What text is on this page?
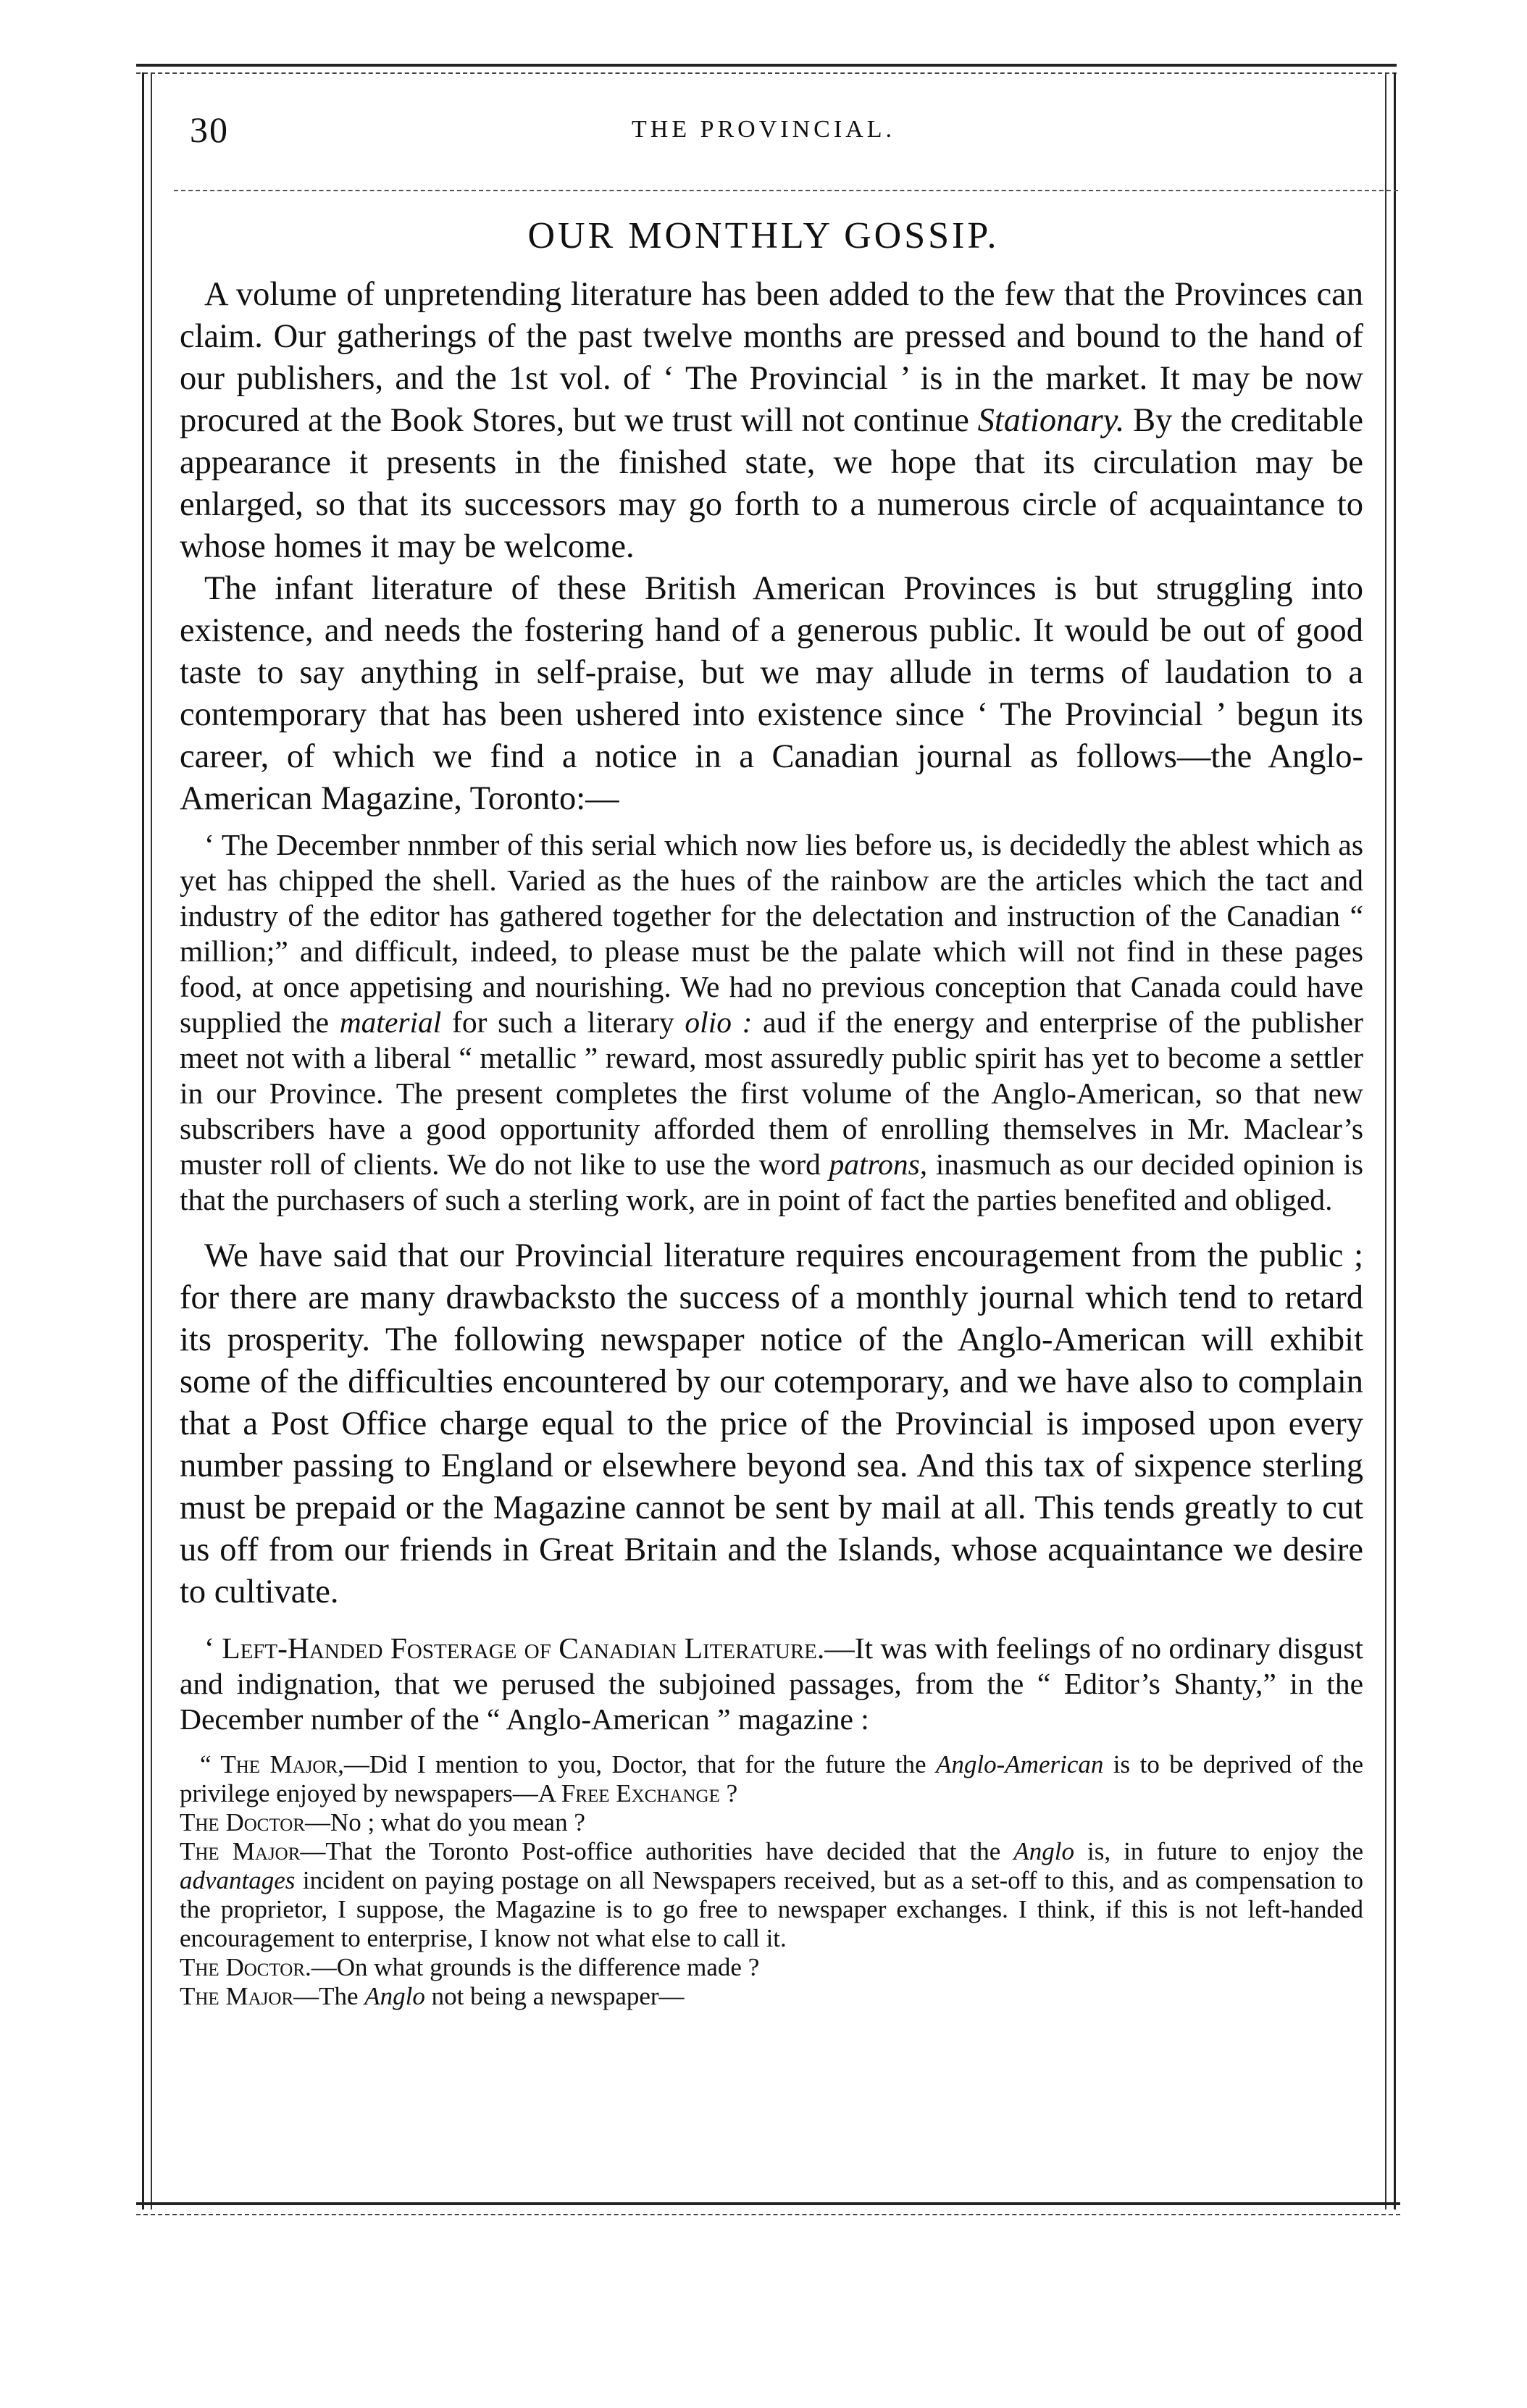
30	THE PROVINCIAL.
OUR MONTHLY GOSSIP.

A volume of unpretending literature has been added to the few that the Provinces can claim. Our gatherings of the past twelve months are pressed and bound to the hand of our publishers, and the 1st vol. of ‘ The Provincial ’ is in the market. It may be now procured at the Book Stores, but we trust will not continue Stationary. By the creditable appearance it presents in the finished state, we hope that its circulation may be enlarged, so that its successors may go forth to a numerous circle of acquaintance to whose homes it may be welcome.

The infant literature of these British American Provinces is but struggling into existence, and needs the fostering hand of a generous public. It would be out of good taste to say anything in self-praise, but we may allude in terms of laudation to a contemporary that has been ushered into existence since ‘ The Provincial ’ begun its career, of which we find a notice in a Canadian journal as follows—the Anglo-American Magazine, Toronto:—

‘ The December nnmber of this serial which now lies before us, is decidedly the ablest which as yet has chipped the shell. Varied as the hues of the rainbow are the articles which the tact and industry of the editor has gathered together for the delectation and instruction of the Canadian “ million;” and difficult, indeed, to please must be the palate which will not find in these pages food, at once appetising and nourishing. We had no previous conception that Canada could have supplied the material for such a literary olio : aud if the energy and enterprise of the publisher meet not with a liberal “ metallic ” reward, most assuredly public spirit has yet to become a settler in our Province. The present completes the first volume of the Anglo-American, so that new subscribers have a good opportunity afforded them of enrolling themselves in Mr. Maclear’s muster roll of clients. We do not like to use the word patrons, inasmuch as our decided opinion is that the purchasers of such a sterling work, are in point of fact the parties benefited and obliged.

We have said that our Provincial literature requires encouragement from the public ; for there are many drawbacksto the success of a monthly journal which tend to retard its prosperity. The following newspaper notice of the Anglo-American will exhibit some of the difficulties encountered by our cotemporary, and we have also to complain that a Post Office charge equal to the price of the Provincial is imposed upon every number passing to England or elsewhere beyond sea. And this tax of sixpence sterling must be prepaid or the Magazine cannot be sent by mail at all. This tends greatly to cut us off from our friends in Great Britain and the Islands, whose acquaintance we desire to cultivate.

‘ Left-Handed Fosterage of Canadian Literature.—It was with feelings of no ordinary disgust and indignation, that we perused the subjoined passages, from the “ Editor’s Shanty,” in the December number of the “ Anglo-American ” magazine :

“ The Major,—Did I mention to you, Doctor, that for the future the Anglo-American is to be deprived of the privilege enjoyed by newspapers—A Free Exchange ?

The Doctor—No ; what do you mean ?

The Major—That the Toronto Post-office authorities have decided that the Anglo is, in future to enjoy the advantages incident on paying postage on all Newspapers received, but as a set-off to this, and as compensation to the proprietor, I suppose, the Magazine is to go free to newspaper exchanges. I think, if this is not left-handed encouragement to enterprise, I know not what else to call it.

The Doctor.—On what grounds is the difference made ?

The Major—The Anglo not being a newspaper—
